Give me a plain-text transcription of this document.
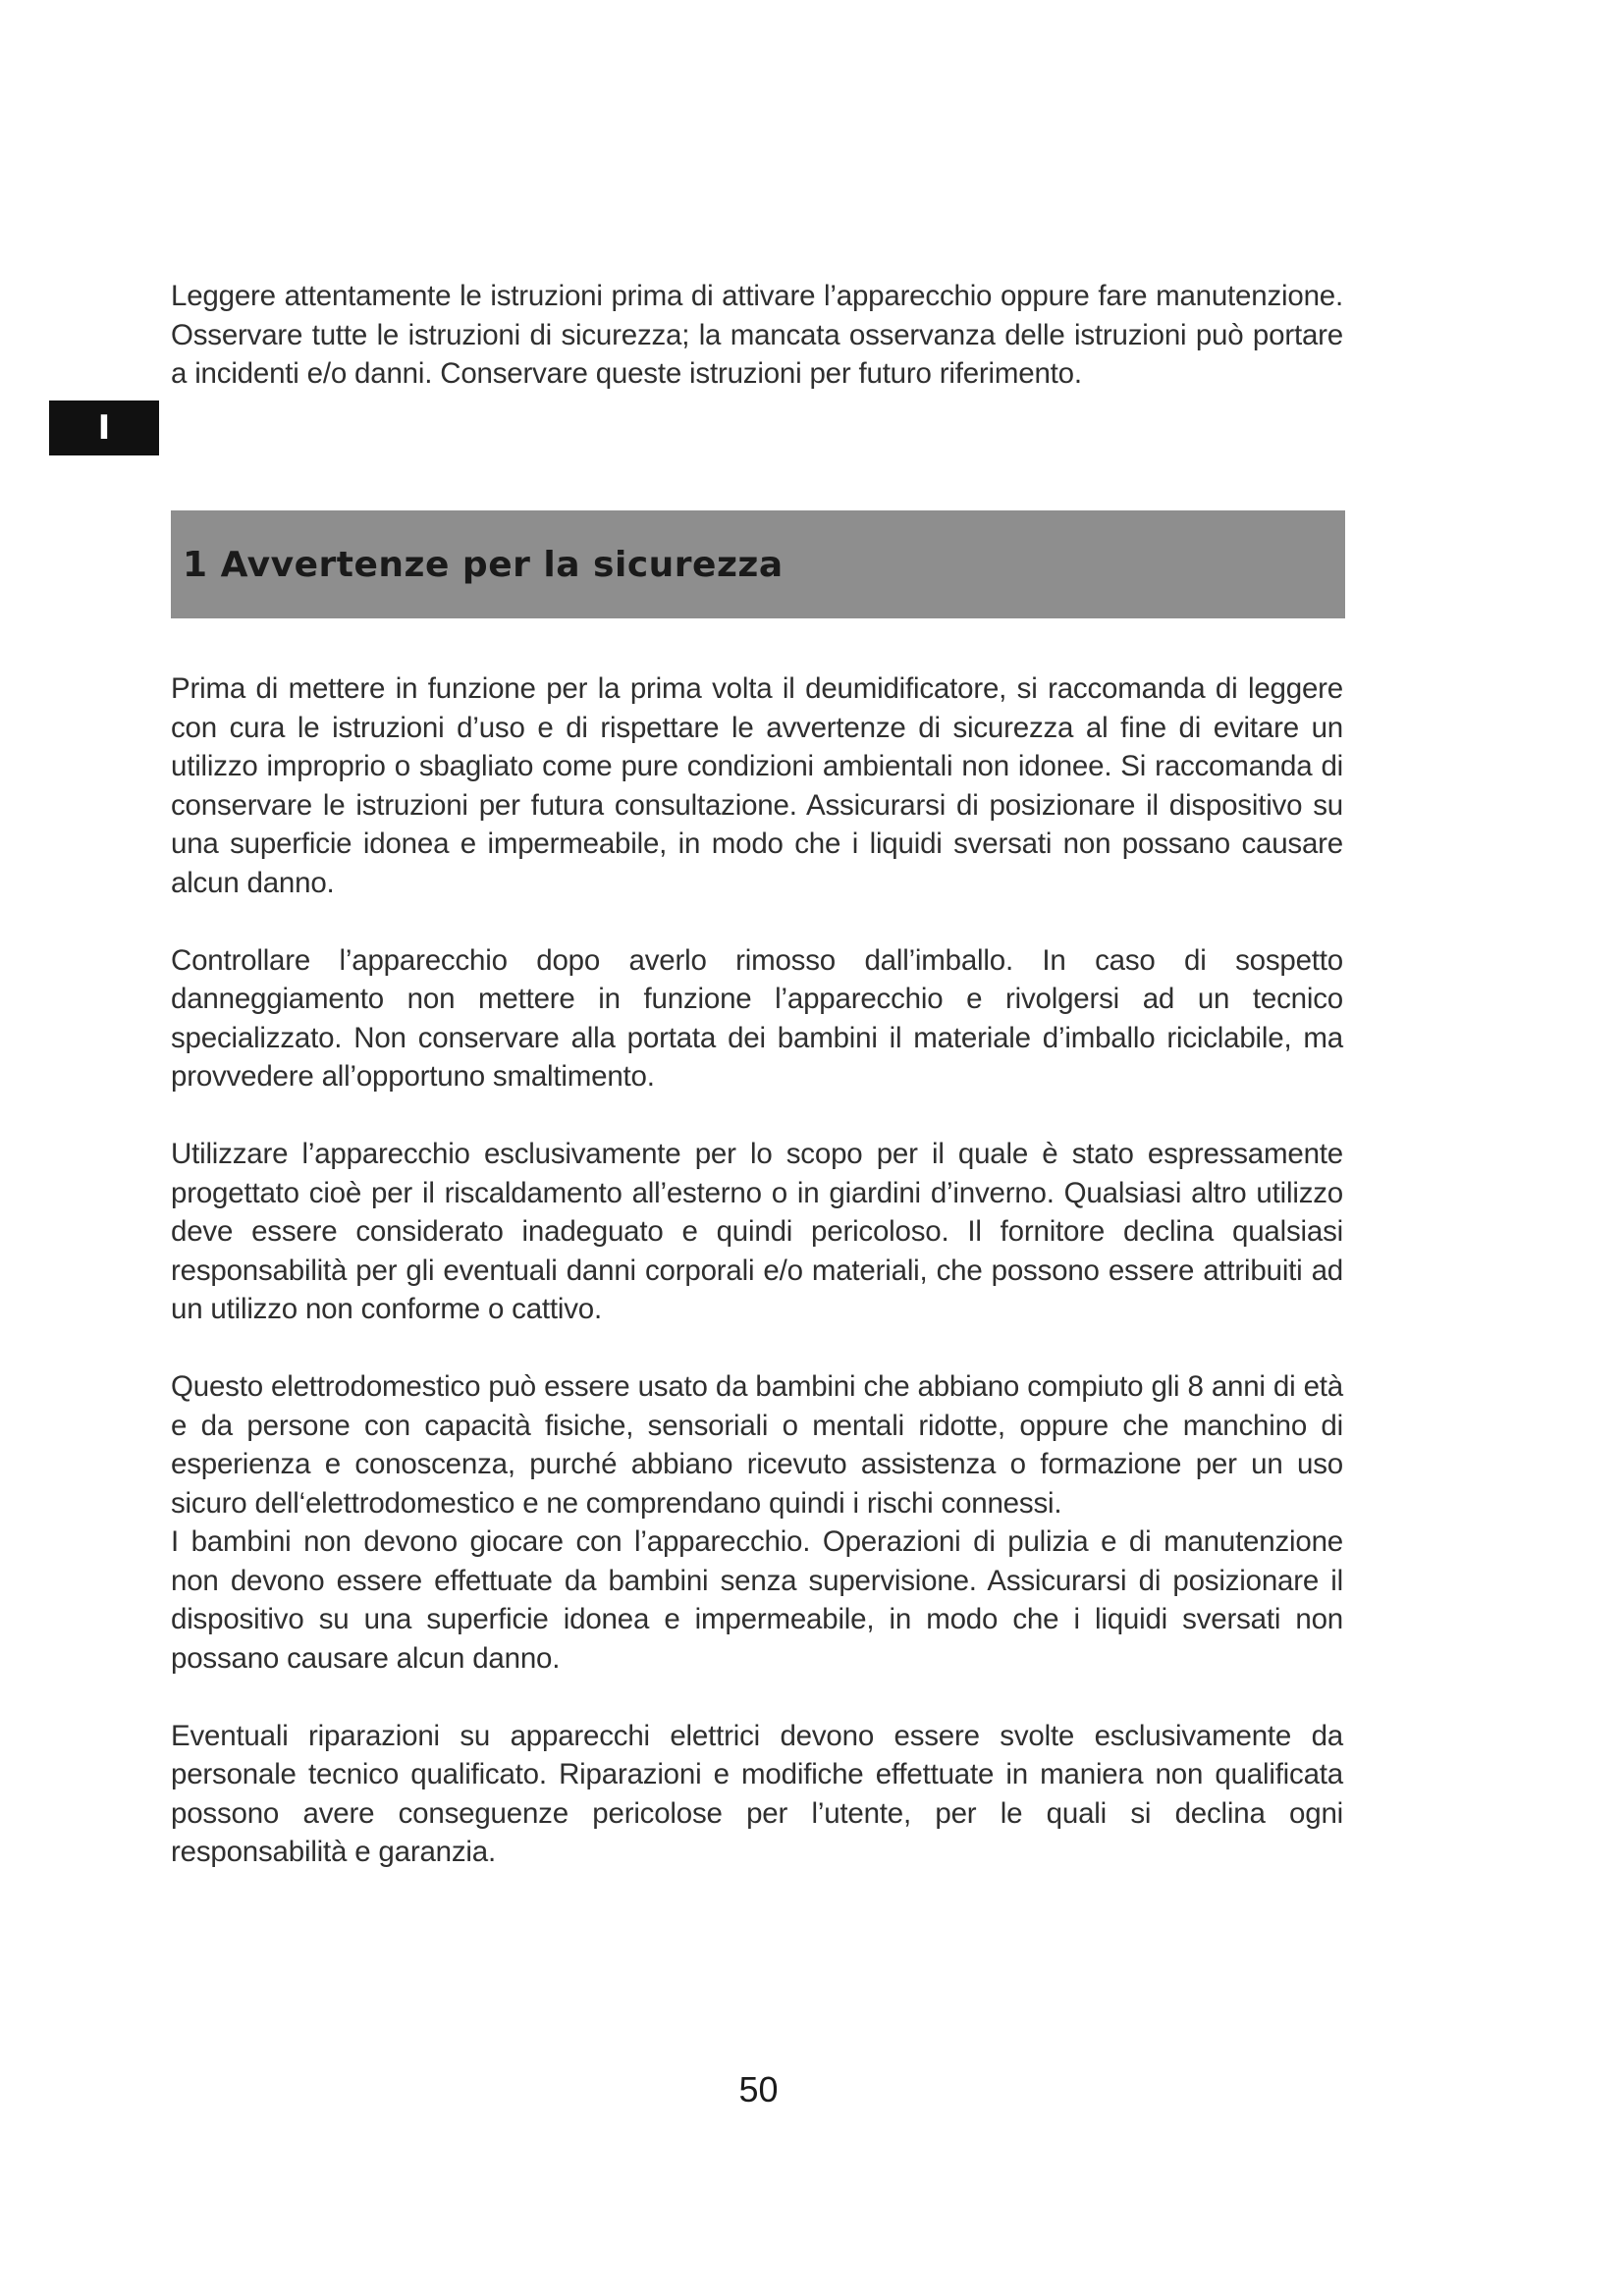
I

Leggere attentamente le istruzioni prima di attivare l’apparecchio oppure fare manutenzione. Osservare tutte le istruzioni di sicurezza; la mancata osservanza delle istruzioni può portare a incidenti e/o danni. Conservare queste istruzioni per futuro riferimento.

1 Avvertenze per la sicurezza

Prima di mettere in funzione per la prima volta il deumidificatore, si raccomanda di leggere con cura le istruzioni d’uso e di rispettare le avvertenze di sicurezza al fine di evitare un utilizzo improprio o sbagliato come pure condizioni ambientali non idonee. Si raccomanda di conservare le istruzioni per futura consultazione. Assicurarsi di posizionare il dispositivo su una superficie idonea e impermeabile, in modo che i liquidi sversati non possano causare alcun danno.

Controllare l’apparecchio dopo averlo rimosso dall’imballo. In caso di sospetto danneggiamento non mettere in funzione l’apparecchio e rivolgersi ad un tecnico specializzato. Non conservare alla portata dei bambini il materiale d’imballo riciclabile, ma provvedere all’opportuno smaltimento.

Utilizzare l’apparecchio esclusivamente per lo scopo per il quale è stato espressamente progettato cioè per il riscaldamento all’esterno o in giardini d’inverno. Qualsiasi altro utilizzo deve essere considerato inadeguato e quindi pericoloso. Il fornitore declina qualsiasi responsabilità per gli eventuali danni corporali e/o materiali, che possono essere attribuiti ad un utilizzo non conforme o cattivo.

Questo elettrodomestico può essere usato da bambini che abbiano compiuto gli 8 anni di età e da persone con capacità fisiche, sensoriali o mentali ridotte, oppure che manchino di esperienza e conoscenza, purché abbiano ricevuto assistenza o formazione per un uso sicuro dell‘elettrodomestico e ne comprendano quindi i rischi connessi.

I bambini non devono giocare con l’apparecchio. Operazioni di pulizia e di manutenzione non devono essere effettuate da bambini senza supervisione. Assicurarsi di posizionare il dispositivo su una superficie idonea e impermeabile, in modo che i liquidi sversati non possano causare alcun danno.

Eventuali riparazioni su apparecchi elettrici devono essere svolte esclusivamente da personale tecnico qualificato. Riparazioni e modifiche effettuate in maniera non qualificata possono avere conseguenze pericolose per l’utente, per le quali si declina ogni responsabilità e garanzia.

50
